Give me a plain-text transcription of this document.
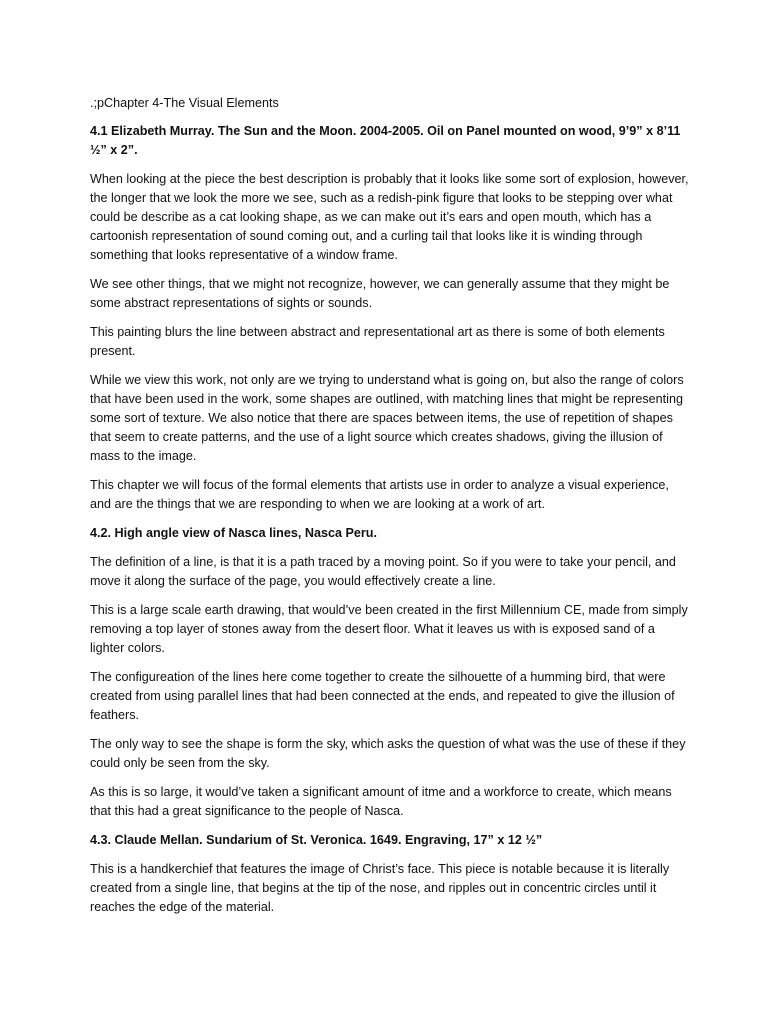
.;pChapter 4-The Visual Elements
4.1 Elizabeth Murray. The Sun and the Moon. 2004-2005. Oil on Panel mounted on wood, 9’9” x 8’11 ½” x 2”.
When looking at the piece the best description is probably that it looks like some sort of explosion, however, the longer that we look the more we see, such as a redish-pink figure that looks to be stepping over what could be describe as a cat looking shape, as we can make out it’s ears and open mouth, which has a cartoonish representation of sound coming out, and a curling tail that looks like it is winding through something that looks representative of a window frame.
We see other things, that we might not recognize, however, we can generally assume that they might be some abstract representations of sights or sounds.
This painting blurs the line between abstract and representational art as there is some of both elements present.
While we view this work, not only are we trying to understand what is going on, but also the range of colors that have been used in the work, some shapes are outlined, with matching lines that might be representing some sort of texture. We also notice that there are spaces between items, the use of repetition of shapes that seem to create patterns, and the use of a light source which creates shadows, giving the illusion of mass to the image.
This chapter we will focus of the formal elements that artists use in order to analyze a visual experience, and are the things that we are responding to when we are looking at a work of art.
4.2. High angle view of Nasca lines, Nasca Peru.
The definition of a line, is that it is a path traced by a moving point. So if you were to take your pencil, and move it along the surface of the page, you would effectively create a line.
This is a large scale earth drawing, that would’ve been created in the first Millennium CE, made from simply removing a top layer of stones away from the desert floor. What it leaves us with is exposed sand of a lighter colors.
The configureation of the lines here come together to create the silhouette of a humming bird, that were created from using parallel lines that had been connected at the ends, and repeated to give the illusion of feathers.
The only way to see the shape is form the sky, which asks the question of what was the use of these if they could only be seen from the sky.
As this is so large, it would’ve taken a significant amount of itme and a workforce to create, which means that this had a great significance to the people of Nasca.
4.3. Claude Mellan. Sundarium of St. Veronica. 1649. Engraving, 17” x 12 ½”
This is a handkerchief that features the image of Christ’s face. This piece is notable because it is literally created from a single line, that begins at the tip of the nose, and ripples out in concentric circles until it reaches the edge of the material.
